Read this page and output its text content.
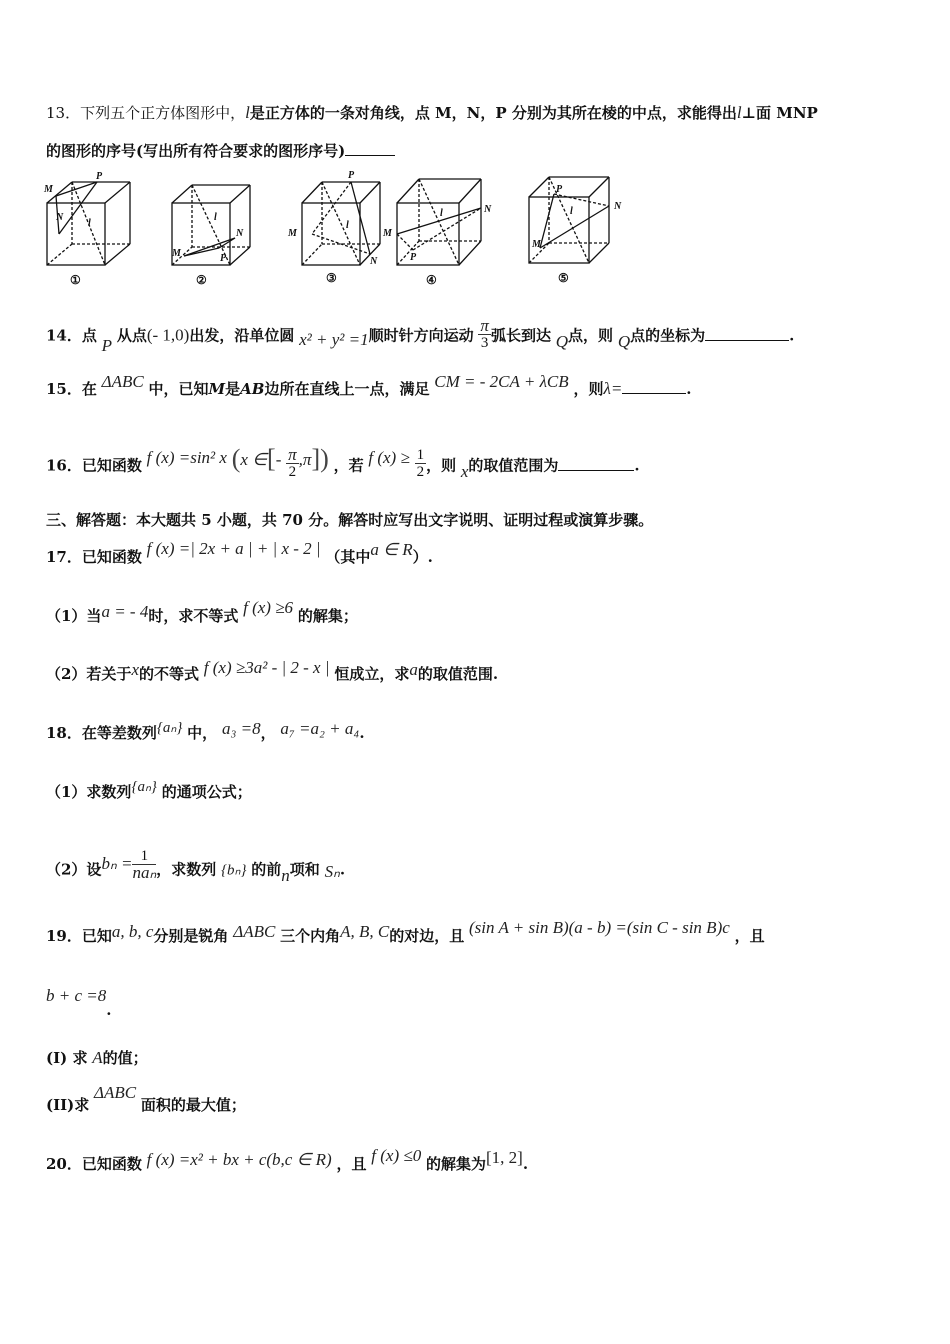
13．下列五个正方体图形中，l是正方体的一条对角线，点 M，N，P 分别为其所在棱的中点，求能得出l⊥面 MNP
的图形的序号(写出所有符合要求的图形序号)
M
P
N
l
①
M
N
P
l
②
P
M
N
l
③
M
N
P
l
④
P
M
N
l
⑤
14．点 P 从点(- 1,0)出发，沿单位圆 x² + y² =1顺时针方向运动 $\frac{\pi}{3}$ 弧长到达 Q点，则 Q点的坐标为	.
15．在 ΔABC 中，已知M是AB边所在直线上一点，满足 CM = - 2CA + λCB ，则λ=	.
16．已知函数 f (x) =sin² x (x ∈[- $\frac{\pi}{2} ,\pi$]) ，若 f $(x) \ge \frac{1}{2}$ ，则 x的取值范围为	.
三、解答题：本大题共 5 小题，共 70 分。解答时应写出文字说明、证明过程或演算步骤。
17．已知函数 f (x) =| 2x + a | + | x - 2 | （其中a ∈ R）.
（1）当a = - 4时，求不等式 f (x) ≥6 的解集；
（2）若关于x的不等式 f (x) ≥3a² - | 2 - x | 恒成立，求a的取值范围.
18．在等差数列{aₙ} 中， a₃ =8， a₇ =a₂ + a₄.
（1）求数列{aₙ} 的通项公式；
（2）设$b_n = \frac{1}{\text{naₙ}}$ ，求数列 {bₙ} 的前n项和 Sₙ.
19．已知a, b, c分别是锐角 ΔABC 三个内角A, B, C的对边，且 (sin A + sin B)(a - b) =(sin C - sin B)c ，且
b + c =8.
(I) 求 A的值；
(II)求 ΔABC 面积的最大值；
20．已知函数 f (x) =x² + bx + c(b,c ∈ R) ，且 f (x) ≤0 的解集为[1, 2].
